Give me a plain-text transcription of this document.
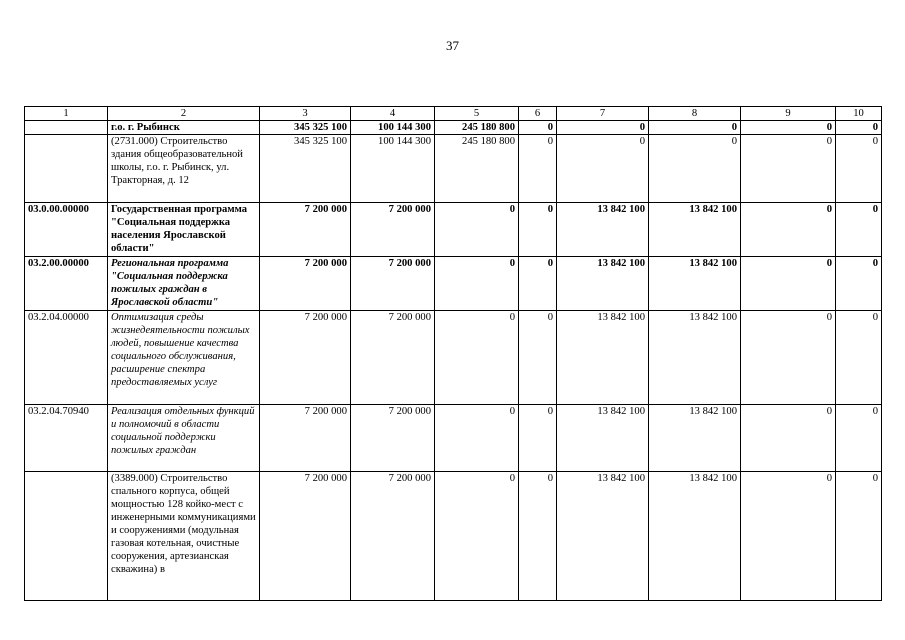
37
1	2	3	4	5	6	7	8	9	10
	г.о. г. Рыбинск	345 325 100	100 144 300	245 180 800	0	0	0	0	0
	(2731.000) Строительство здания общеобразовательной школы, г.о. г. Рыбинск, ул. Тракторная, д. 12	345 325 100	100 144 300	245 180 800	0	0	0	0	0
03.0.00.00000	Государственная программа "Социальная поддержка населения Ярославской области"	7 200 000	7 200 000	0	0	13 842 100	13 842 100	0	0
03.2.00.00000	Региональная программа "Социальная поддержка пожилых граждан в Ярославской области"	7 200 000	7 200 000	0	0	13 842 100	13 842 100	0	0
03.2.04.00000	Оптимизация среды жизнедеятельности пожилых людей, повышение качества социального обслуживания, расширение спектра предоставляемых услуг	7 200 000	7 200 000	0	0	13 842 100	13 842 100	0	0
03.2.04.70940	Реализация отдельных функций и полномочий в области социальной поддержки пожилых граждан	7 200 000	7 200 000	0	0	13 842 100	13 842 100	0	0
	(3389.000) Строительство спального корпуса, общей мощностью 128 койко-мест с инженерными коммуникациями и сооружениями (модульная газовая котельная, очистные сооружения, артезианская скважина) в	7 200 000	7 200 000	0	0	13 842 100	13 842 100	0	0
